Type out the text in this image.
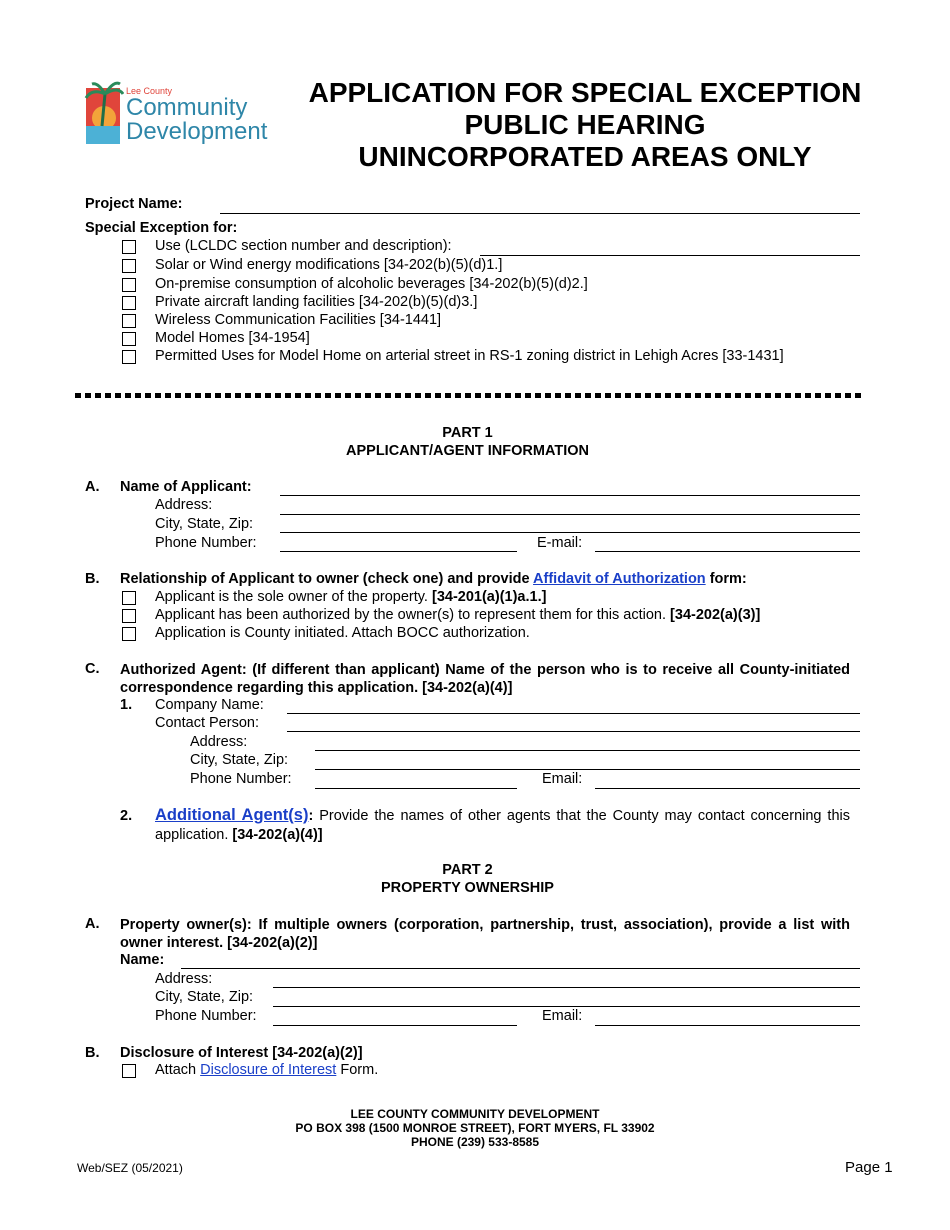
Lee County
Community
Development
APPLICATION FOR SPECIAL EXCEPTION
PUBLIC HEARING
UNINCORPORATED AREAS ONLY
Project Name:
Special Exception for:
Use (LCLDC section number and description):
Solar or Wind energy modifications [34-202(b)(5)(d)1.]
On-premise consumption of alcoholic beverages [34-202(b)(5)(d)2.]
Private aircraft landing facilities [34-202(b)(5)(d)3.]
Wireless Communication Facilities [34-1441]
Model Homes [34-1954]
Permitted Uses for Model Home on arterial street in RS-1 zoning district in Lehigh Acres [33-1431]
PART 1
APPLICANT/AGENT INFORMATION
A. Name of Applicant:
Address:
City, State, Zip:
Phone Number:	E-mail:
B. Relationship of Applicant to owner (check one) and provide Affidavit of Authorization form:
Applicant is the sole owner of the property. [34-201(a)(1)a.1.]
Applicant has been authorized by the owner(s) to represent them for this action. [34-202(a)(3)]
Application is County initiated. Attach BOCC authorization.
C. Authorized Agent: (If different than applicant) Name of the person who is to receive all County-initiated correspondence regarding this application. [34-202(a)(4)]
1. Company Name:
Contact Person:
Address:
City, State, Zip:
Phone Number:	Email:
2. Additional Agent(s): Provide the names of other agents that the County may contact concerning this application. [34-202(a)(4)]
PART 2
PROPERTY OWNERSHIP
A. Property owner(s): If multiple owners (corporation, partnership, trust, association), provide a list with owner interest. [34-202(a)(2)]
Name:
Address:
City, State, Zip:
Phone Number:	Email:
B. Disclosure of Interest [34-202(a)(2)]
Attach Disclosure of Interest Form.
LEE COUNTY COMMUNITY DEVELOPMENT
PO BOX 398 (1500 MONROE STREET), FORT MYERS, FL 33902
PHONE (239) 533-8585
Web/SEZ (05/2021)	Page 1
